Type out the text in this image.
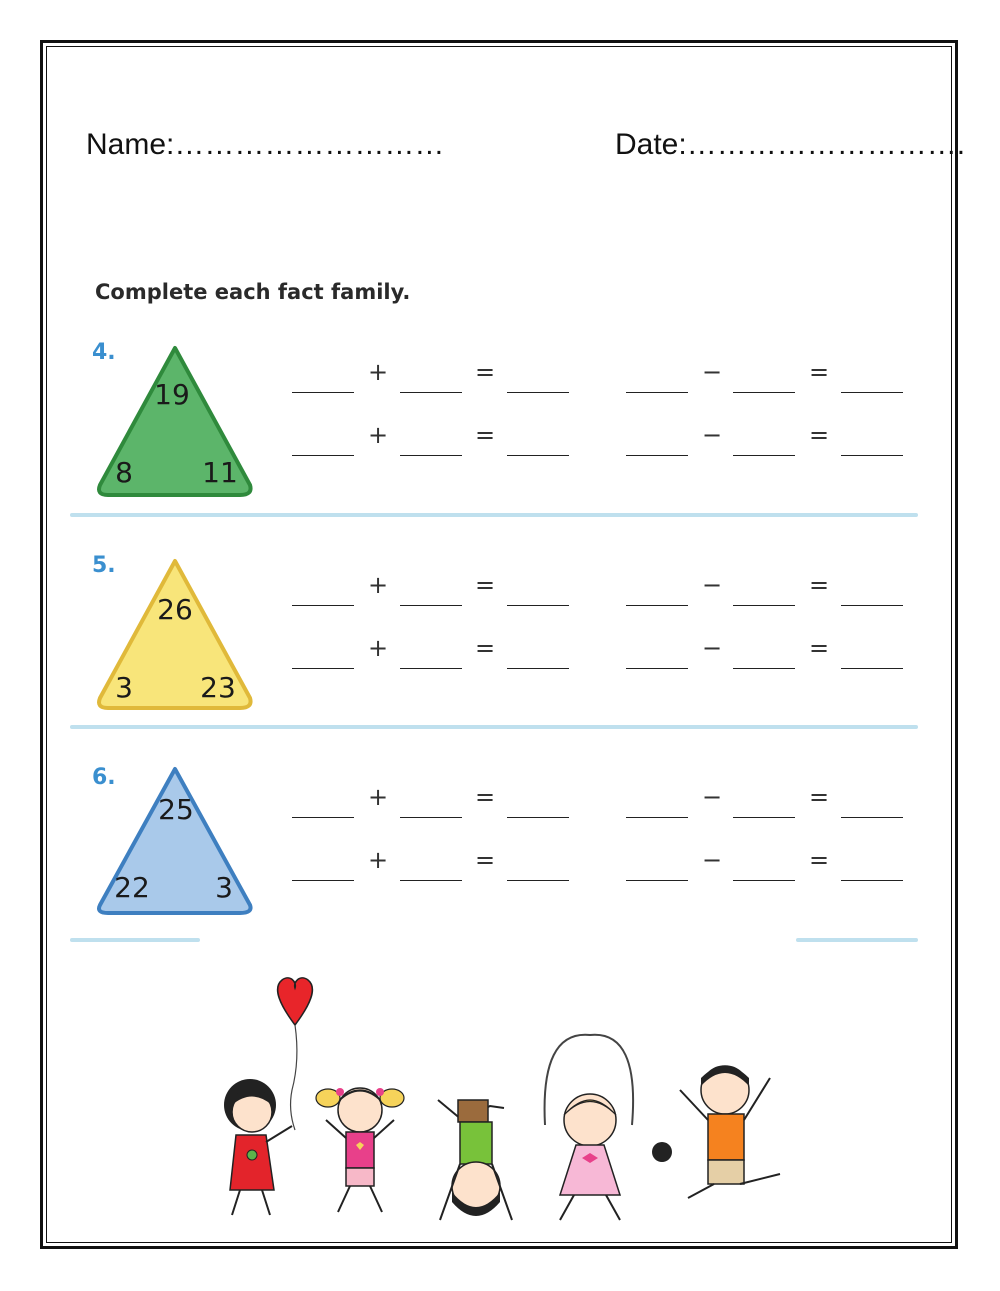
Name:………………………	Date:……………………….
Complete each fact family.
4.
19
8 11
+	=	−	=
+	=	−	=
5.
26
3 23
+	=	−	=
+	=	−	=
6.
25
22 3
+	=	−	=
+	=	−	=
